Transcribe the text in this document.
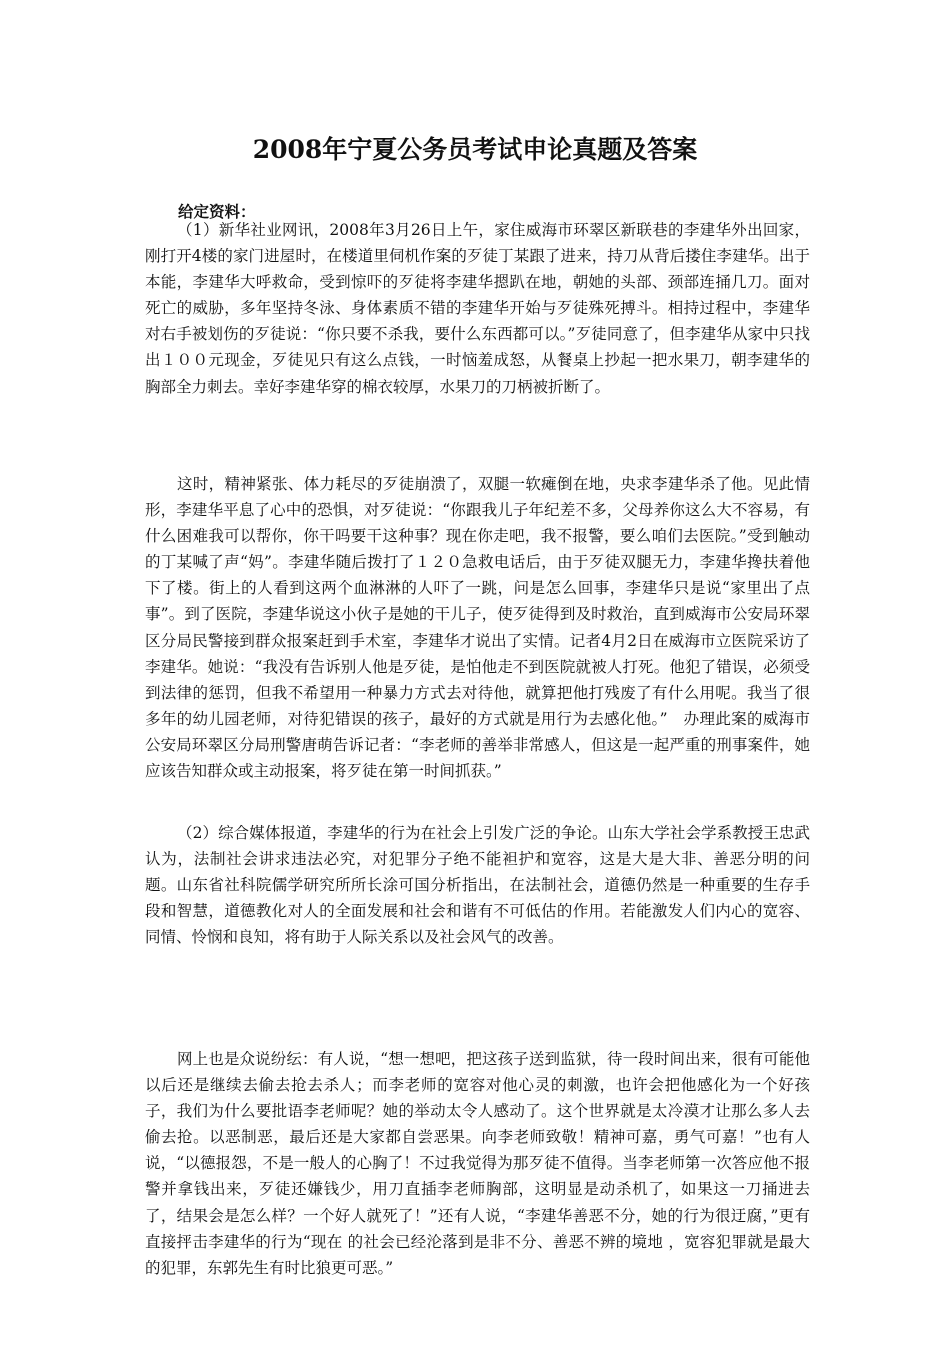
2008年宁夏公务员考试申论真题及答案
给定资料：
（1）新华社业网讯，2008年3月26日上午，家住威海市环翠区新联巷的李建华外出回家，刚打开4楼的家门进屋时，在楼道里伺机作案的歹徒丁某跟了进来，持刀从背后搂住李建华。出于本能，李建华大呼救命，受到惊吓的歹徒将李建华摁趴在地，朝她的头部、颈部连捅几刀。面对死亡的威胁，多年坚持冬泳、身体素质不错的李建华开始与歹徒殊死搏斗。相持过程中，李建华对右手被划伤的歹徒说：“你只要不杀我，要什么东西都可以。”歹徒同意了，但李建华从家中只找出１００元现金，歹徒见只有这么点钱，一时恼羞成怒，从餐桌上抄起一把水果刀，朝李建华的胸部全力刺去。幸好李建华穿的棉衣较厚，水果刀的刀柄被折断了。
这时，精神紧张、体力耗尽的歹徒崩溃了，双腿一软瘫倒在地，央求李建华杀了他。见此情形，李建华平息了心中的恐惧，对歹徒说：“你跟我儿子年纪差不多，父母养你这么大不容易，有什么困难我可以帮你，你干吗要干这种事？现在你走吧，我不报警，要么咱们去医院。”受到触动的丁某喊了声“妈”。李建华随后拨打了１２０急救电话后，由于歹徒双腿无力，李建华搀扶着他下了楼。街上的人看到这两个血淋淋的人吓了一跳，问是怎么回事，李建华只是说“家里出了点事”。到了医院，李建华说这小伙子是她的干儿子，使歹徒得到及时救治，直到威海市公安局环翠区分局民警接到群众报案赶到手术室，李建华才说出了实情。记者4月2日在威海市立医院采访了李建华。她说：“我没有告诉别人他是歹徒，是怕他走不到医院就被人打死。他犯了错误，必须受到法律的惩罚，但我不希望用一种暴力方式去对待他，就算把他打残废了有什么用呢。我当了很多年的幼儿园老师，对待犯错误的孩子，最好的方式就是用行为去感化他。”　办理此案的威海市公安局环翠区分局刑警唐萌告诉记者：“李老师的善举非常感人，但这是一起严重的刑事案件，她应该告知群众或主动报案，将歹徒在第一时间抓获。”
（2）综合媒体报道，李建华的行为在社会上引发广泛的争论。山东大学社会学系教授王忠武认为，法制社会讲求违法必究，对犯罪分子绝不能袒护和宽容，这是大是大非、善恶分明的问题。山东省社科院儒学研究所所长涂可国分析指出，在法制社会，道德仍然是一种重要的生存手段和智慧，道德教化对人的全面发展和社会和谐有不可低估的作用。若能激发人们内心的宽容、同情、怜悯和良知，将有助于人际关系以及社会风气的改善。
网上也是众说纷纭：有人说，“想一想吧，把这孩子送到监狱，待一段时间出来，很有可能他以后还是继续去偷去抢去杀人；而李老师的宽容对他心灵的刺激，也许会把他感化为一个好孩子，我们为什么要批语李老师呢？她的举动太令人感动了。这个世界就是太冷漠才让那么多人去偷去抢。以恶制恶，最后还是大家都自尝恶果。向李老师致敬！精神可嘉，勇气可嘉！”也有人说，“以德报怨，不是一般人的心胸了！不过我觉得为那歹徒不值得。当李老师第一次答应他不报警并拿钱出来，歹徒还嫌钱少，用刀直插李老师胸部，这明显是动杀机了，如果这一刀捅进去了，结果会是怎么样？一个好人就死了！”还有人说，“李建华善恶不分，她的行为很迂腐，”更有直接抨击李建华的行为“现在 的社会已经沦落到是非不分、善恶不辨的境地 ，宽容犯罪就是最大的犯罪，东郭先生有时比狼更可恶。”
